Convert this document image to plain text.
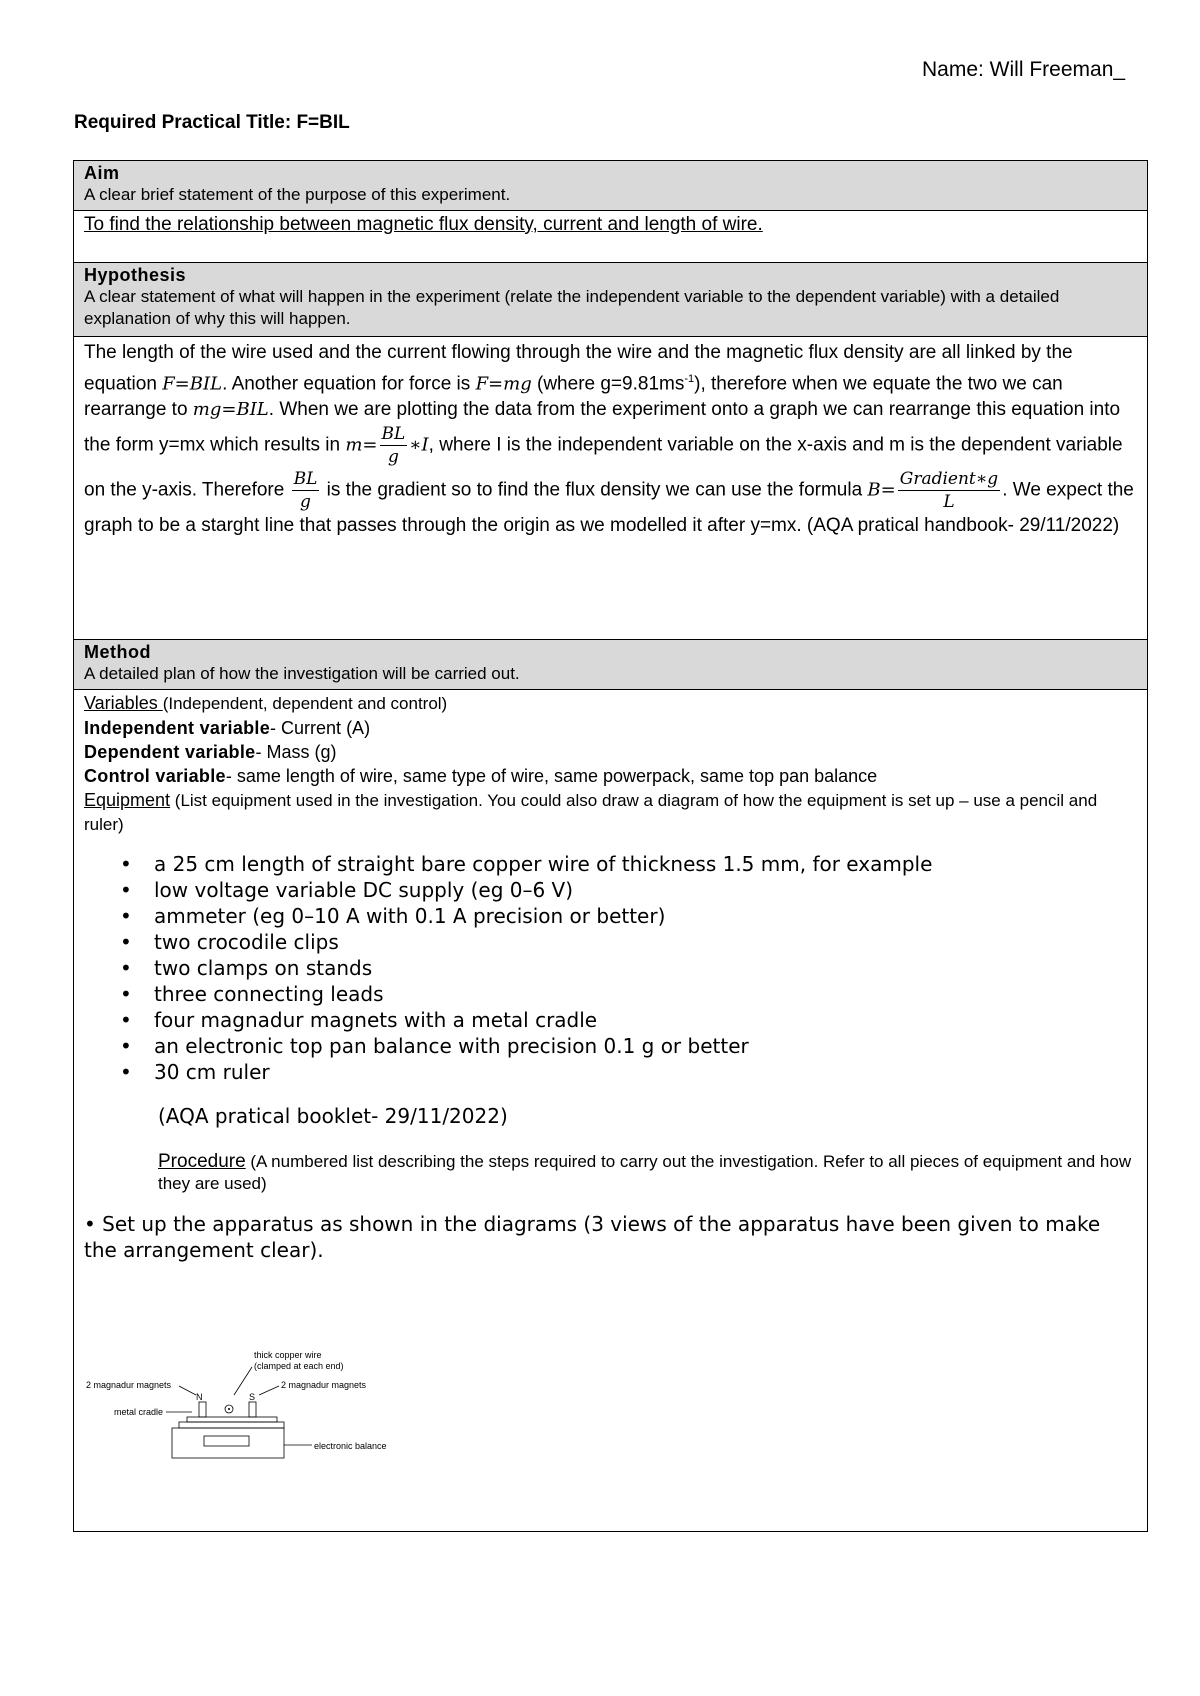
Name: Will Freeman_
Required Practical Title: F=BIL
Aim
A clear brief statement of the purpose of this experiment.
To find the relationship between magnetic flux density, current and length of wire.
Hypothesis
A clear statement of what will happen in the experiment (relate the independent variable to the dependent variable) with a detailed explanation of why this will happen.
The length of the wire used and the current flowing through the wire and the magnetic flux density are all linked by the equation F=BIL. Another equation for force is F=mg (where $g=9.81ms^{-1}$), therefore when we equate the two we can rearrange to mg=BIL. When we are plotting the data from the experiment onto a graph we can rearrange this equation into the form y=mx which results in $m= \frac{BL}{g}$ ∗I, where I is the independent variable on the x-axis and m is the dependent variable on the y-axis. Therefore $\frac{BL}{g}$ is the gradient so to find the flux density we can use the formula $B= \frac{\text{Gradient∗g}}{L}$ . We expect the graph to be a starght line that passes through the origin as we modelled it after y=mx. (AQA pratical handbook- 29/11/2022)
Method
A detailed plan of how the investigation will be carried out.
Variables (Independent, dependent and control)
Independent variable- Current (A)
Dependent variable- Mass (g)
Control variable- same length of wire, same type of wire, same powerpack, same top pan balance
Equipment (List equipment used in the investigation. You could also draw a diagram of how the equipment is set up – use a pencil and ruler)
• a 25 cm length of straight bare copper wire of thickness 1.5 mm, for example
• low voltage variable DC supply (eg 0–6 V)
• ammeter (eg 0–10 A with 0.1 A precision or better)
• two crocodile clips
• two clamps on stands
• three connecting leads
• four magnadur magnets with a metal cradle
• an electronic top pan balance with precision 0.1 g or better
• 30 cm ruler
(AQA pratical booklet- 29/11/2022)
Procedure (A numbered list describing the steps required to carry out the investigation. Refer to all pieces of equipment and how they are used)
• Set up the apparatus as shown in the diagrams (3 views of the apparatus have been given to make the arrangement clear).
thick copper wire
(clamped at each end)
2 magnadur magnets	2 magnadur magnets
metal cradle
electronic balance
N	S
